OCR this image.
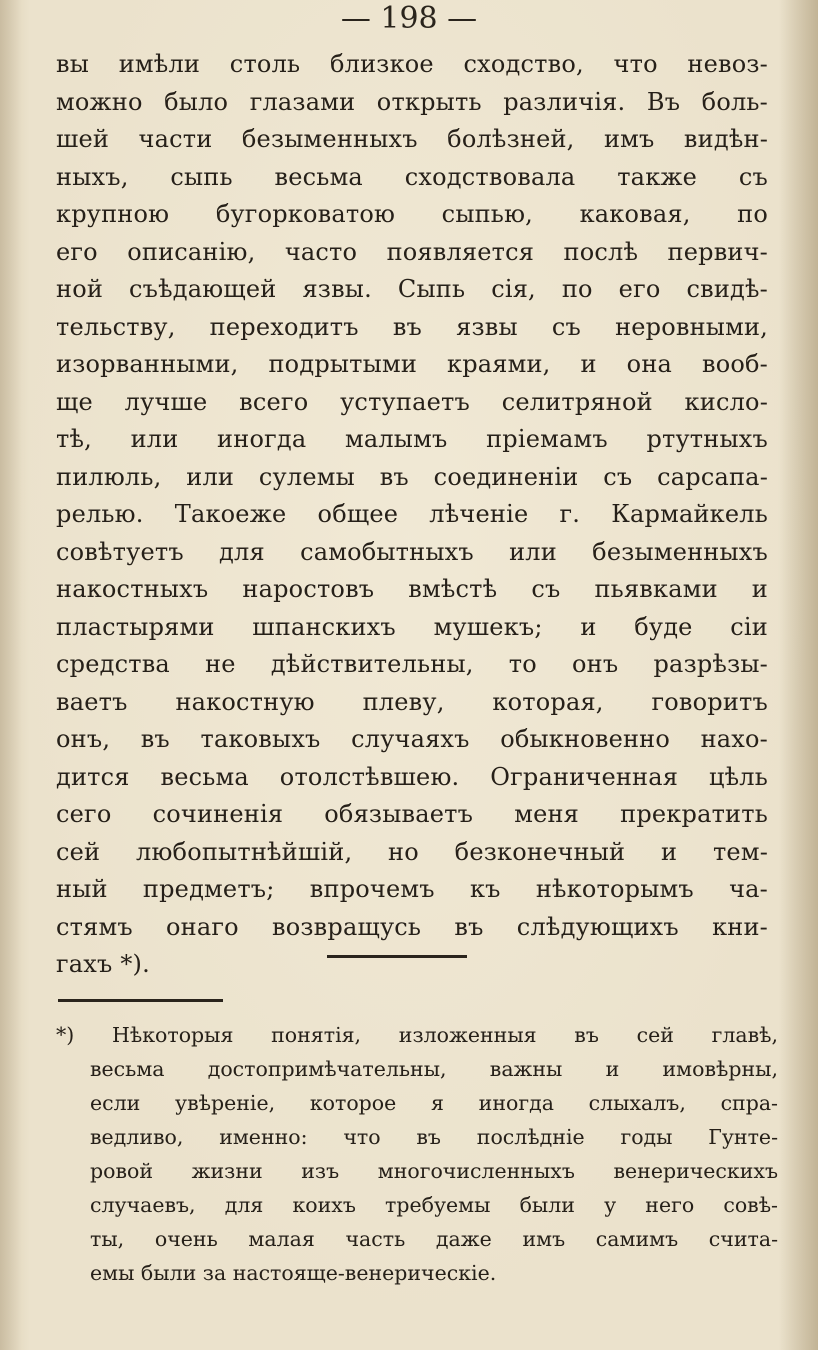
— 198 —
вы имѣли столь близкое сходство, что невоз-
можно было глазами открыть различія. Въ боль-
шей части безыменныхъ болѣзней, имъ видѣн-
ныхъ, сыпь весьма сходствовала также съ
крупною бугорковатою сыпью, каковая, по
его описанію, часто появляется послѣ первич-
ной съѣдающей язвы. Сыпь сія, по его свидѣ-
тельству, переходитъ въ язвы съ неровными,
изорванными, подрытыми краями, и она вооб-
ще лучше всего уступаетъ селитряной кисло-
тѣ, или иногда малымъ пріемамъ ртутныхъ
пилюль, или сулемы въ соединеніи съ сарсапа-
релью. Такоеже общее лѣченіе г. Кармайкель
совѣтуетъ для самобытныхъ или безыменныхъ
накостныхъ наростовъ вмѣстѣ съ пьявками и
пластырями шпанскихъ мушекъ; и буде сіи
средства не дѣйствительны, то онъ разрѣзы-
ваетъ накостную плеву, которая, говоритъ
онъ, въ таковыхъ случаяхъ обыкновенно нахо-
дится весьма отолстѣвшею. Ограниченная цѣль
сего сочиненія обязываетъ меня прекратить
сей любопытнѣйшій, но безконечный и тем-
ный предметъ; впрочемъ къ нѣкоторымъ ча-
стямъ онаго возвращусь въ слѣдующихъ кни-
гахъ *).
*) Нѣкоторыя понятія, изложенныя въ сей главѣ,
весьма достопримѣчательны, важны и имовѣрны,
если увѣреніе, которое я иногда слыхалъ, спра-
ведливо, именно: что въ послѣдніе годы Гунте-
ровой жизни изъ многочисленныхъ венерическихъ
случаевъ, для коихъ требуемы были у него совѣ-
ты, очень малая часть даже имъ самимъ счита-
емы были за настояще-венерическіе.
